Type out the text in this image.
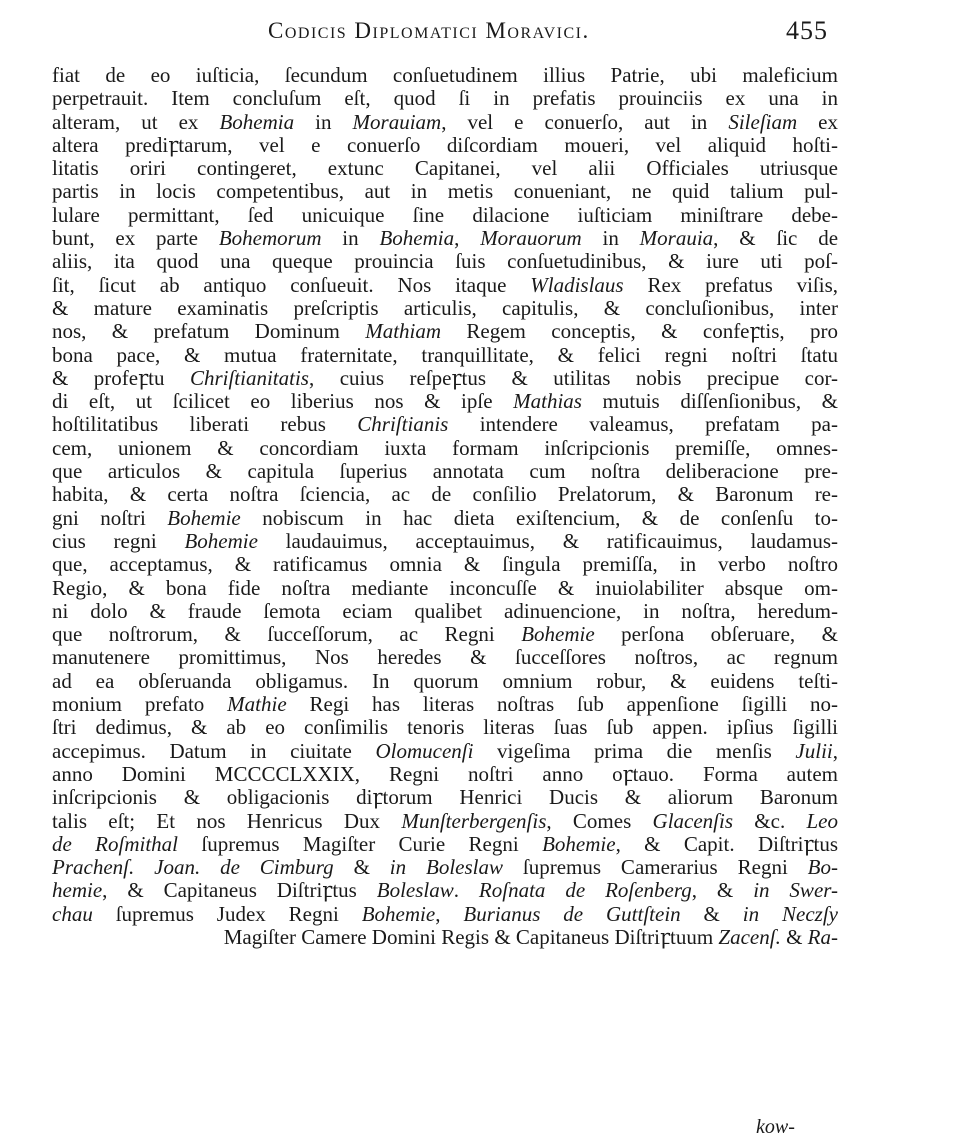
Codicis Diplomatici Moravici.	455
fiat de eo iuſticia, ſecundum conſuetudinem illius Patrie, ubi maleficium
perpetrauit. Item concluſum eſt, quod ſi in prefatis prouinciis ex una in
alteram, ut ex Bohemia in Morauiam, vel e conuerſo, aut in Sileſiam ex
altera prediꝼtarum, vel e conuerſo diſcordiam moueri, vel aliquid hoſti-
litatis oriri contingeret, extunc Capitanei, vel alii Officiales utriusque
partis in locis competentibus, aut in metis conueniant, ne quid talium pul-
lulare permittant, ſed unicuique ſine dilacione iuſticiam miniſtrare debe-
bunt, ex parte Bohemorum in Bohemia, Morauorum in Morauia, & ſic de
aliis, ita quod una queque prouincia ſuis conſuetudinibus, & iure uti poſ-
ſit, ſicut ab antiquo conſueuit. Nos itaque Wladislaus Rex prefatus viſis,
& mature examinatis preſcriptis articulis, capitulis, & concluſionibus, inter
nos, & prefatum Dominum Mathiam Regem conceptis, & confeꝼtis, pro
bona pace, & mutua fraternitate, tranquillitate, & felici regni noſtri ſtatu
& profeꝼtu Chriſtianitatis, cuius reſpeꝼtus & utilitas nobis precipue cor-
di eſt, ut ſcilicet eo liberius nos & ipſe Mathias mutuis diſſenſionibus, &
hoſtilitatibus liberati rebus Chriſtianis intendere valeamus, prefatam pa-
cem, unionem & concordiam iuxta formam inſcripcionis premiſſe, omnes-
que articulos & capitula ſuperius annotata cum noſtra deliberacione pre-
habita, & certa noſtra ſciencia, ac de conſilio Prelatorum, & Baronum re-
gni noſtri Bohemie nobiscum in hac dieta exiſtencium, & de conſenſu to-
cius regni Bohemie laudauimus, acceptauimus, & ratificauimus, laudamus-
que, acceptamus, & ratificamus omnia & ſingula premiſſa, in verbo noſtro
Regio, & bona fide noſtra mediante inconcuſſe & inuiolabiliter absque om-
ni dolo & fraude ſemota eciam qualibet adinuencione, in noſtra, heredum-
que noſtrorum, & ſucceſſorum, ac Regni Bohemie perſona obſeruare, &
manutenere promittimus, Nos heredes & ſucceſſores noſtros, ac regnum
ad ea obſeruanda obligamus. In quorum omnium robur, & euidens teſti-
monium prefato Mathie Regi has literas noſtras ſub appenſione ſigilli no-
ſtri dedimus, & ab eo conſimilis tenoris literas ſuas ſub appen. ipſius ſigilli
accepimus. Datum in ciuitate Olomucenſi vigeſima prima die menſis Julii,
anno Domini MCCCCLXXIX, Regni noſtri anno oꝼtauo. Forma autem
inſcripcionis & obligacionis diꝼtorum Henrici Ducis & aliorum Baronum
talis eſt; Et nos Henricus Dux Munſterbergenſis, Comes Glacenſis &c. Leo
de Roſmithal ſupremus Magiſter Curie Regni Bohemie, & Capit. Diſtriꝼtus
Prachenſ. Joan. de Cimburg & in Boleslaw ſupremus Camerarius Regni Bo-
hemie, & Capitaneus Diſtriꝼtus Boleslaw. Roſnata de Roſenberg, & in Swer-
chau ſupremus Judex Regni Bohemie, Burianus de Guttſtein & in Neczſy
Magiſter Camere Domini Regis & Capitaneus Diſtriꝼtuum Zacenſ. & Ra-
kow-
